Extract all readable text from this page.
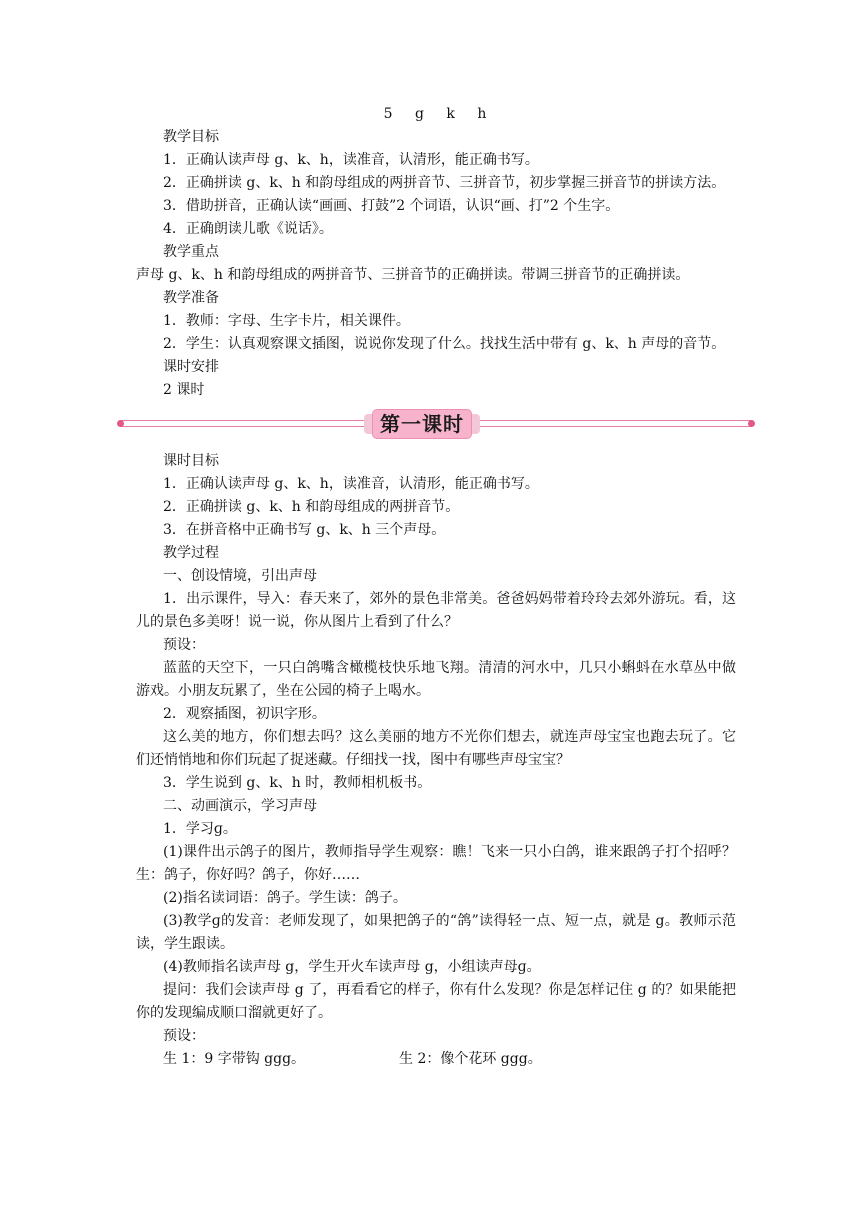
5 g k h

教学目标

1．正确认读声母 g、k、h，读准音，认清形，能正确书写。

2．正确拼读 g、k、h 和韵母组成的两拼音节、三拼音节，初步掌握三拼音节的拼读方法。

3．借助拼音，正确认读“画画、打鼓”2 个词语，认识“画、打”2 个生字。

4．正确朗读儿歌《说话》。

教学重点

声母 g、k、h 和韵母组成的两拼音节、三拼音节的正确拼读。带调三拼音节的正确拼读。

教学准备

1．教师：字母、生字卡片，相关课件。

2．学生：认真观察课文插图，说说你发现了什么。找找生活中带有 g、k、h 声母的音节。

课时安排

2 课时

第一课时

课时目标

1．正确认读声母 g、k、h，读准音，认清形，能正确书写。

2．正确拼读 g、k、h 和韵母组成的两拼音节。

3．在拼音格中正确书写 g、k、h 三个声母。

教学过程

一、创设情境，引出声母

1．出示课件，导入：春天来了，郊外的景色非常美。爸爸妈妈带着玲玲去郊外游玩。看，这儿的景色多美呀！说一说，你从图片上看到了什么？

预设：

蓝蓝的天空下，一只白鸽嘴含橄榄枝快乐地飞翔。清清的河水中，几只小蝌蚪在水草丛中做游戏。小朋友玩累了，坐在公园的椅子上喝水。

2．观察插图，初识字形。

这么美的地方，你们想去吗？这么美丽的地方不光你们想去，就连声母宝宝也跑去玩了。它们还悄悄地和你们玩起了捉迷藏。仔细找一找，图中有哪些声母宝宝？

3．学生说到 g、k、h 时，教师相机板书。

二、动画演示，学习声母

1．学习ɡ。

(1)课件出示鸽子的图片，教师指导学生观察：瞧！飞来一只小白鸽，谁来跟鸽子打个招呼？生：鸽子，你好吗？鸽子，你好……

(2)指名读词语：鸽子。学生读：鸽子。

(3)教学ɡ的发音：老师发现了，如果把鸽子的“鸽”读得轻一点、短一点，就是 g。教师示范读，学生跟读。

(4)教师指名读声母 g，学生开火车读声母 g，小组读声母ɡ。

提问：我们会读声母 g 了，再看看它的样子，你有什么发现？你是怎样记住 g 的？如果能把你的发现编成顺口溜就更好了。

预设：

生 1：9 字带钩 ggg。	生 2：像个花环 ggg。
